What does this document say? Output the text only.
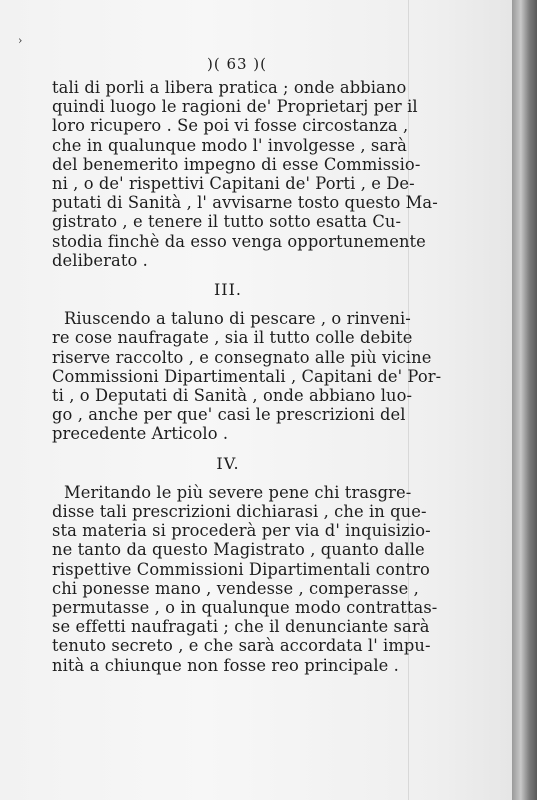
›
)( 63 )(
tali di porli a libera pratica ; onde abbiano
quindi luogo le ragioni de' Proprietarj per il
loro ricupero . Se poi vi fosse circostanza ,
che in qualunque modo l' involgesse , sarà
del benemerito impegno di esse Commissio-
ni , o de' rispettivi Capitani de' Porti , e De-
putati di Sanità , l' avvisarne tosto questo Ma-
gistrato , e tenere il tutto sotto esatta Cu-
stodia finchè da esso venga opportunemente
deliberato .
III.
Riuscendo a taluno di pescare , o rinveni-
re cose naufragate , sia il tutto colle debite
riserve raccolto , e consegnato alle più vicine
Commissioni Dipartimentali , Capitani de' Por-
ti , o Deputati di Sanità , onde abbiano luo-
go , anche per que' casi le prescrizioni del
precedente Articolo .
IV.
Meritando le più severe pene chi trasgre-
disse tali prescrizioni dichiarasi , che in que-
sta materia si procederà per via d' inquisizio-
ne tanto da questo Magistrato , quanto dalle
rispettive Commissioni Dipartimentali contro
chi ponesse mano , vendesse , comperasse ,
permutasse , o in qualunque modo contrattas-
se effetti naufragati ; che il denunciante sarà
tenuto secreto , e che sarà accordata l' impu-
nità a chiunque non fosse reo principale .
